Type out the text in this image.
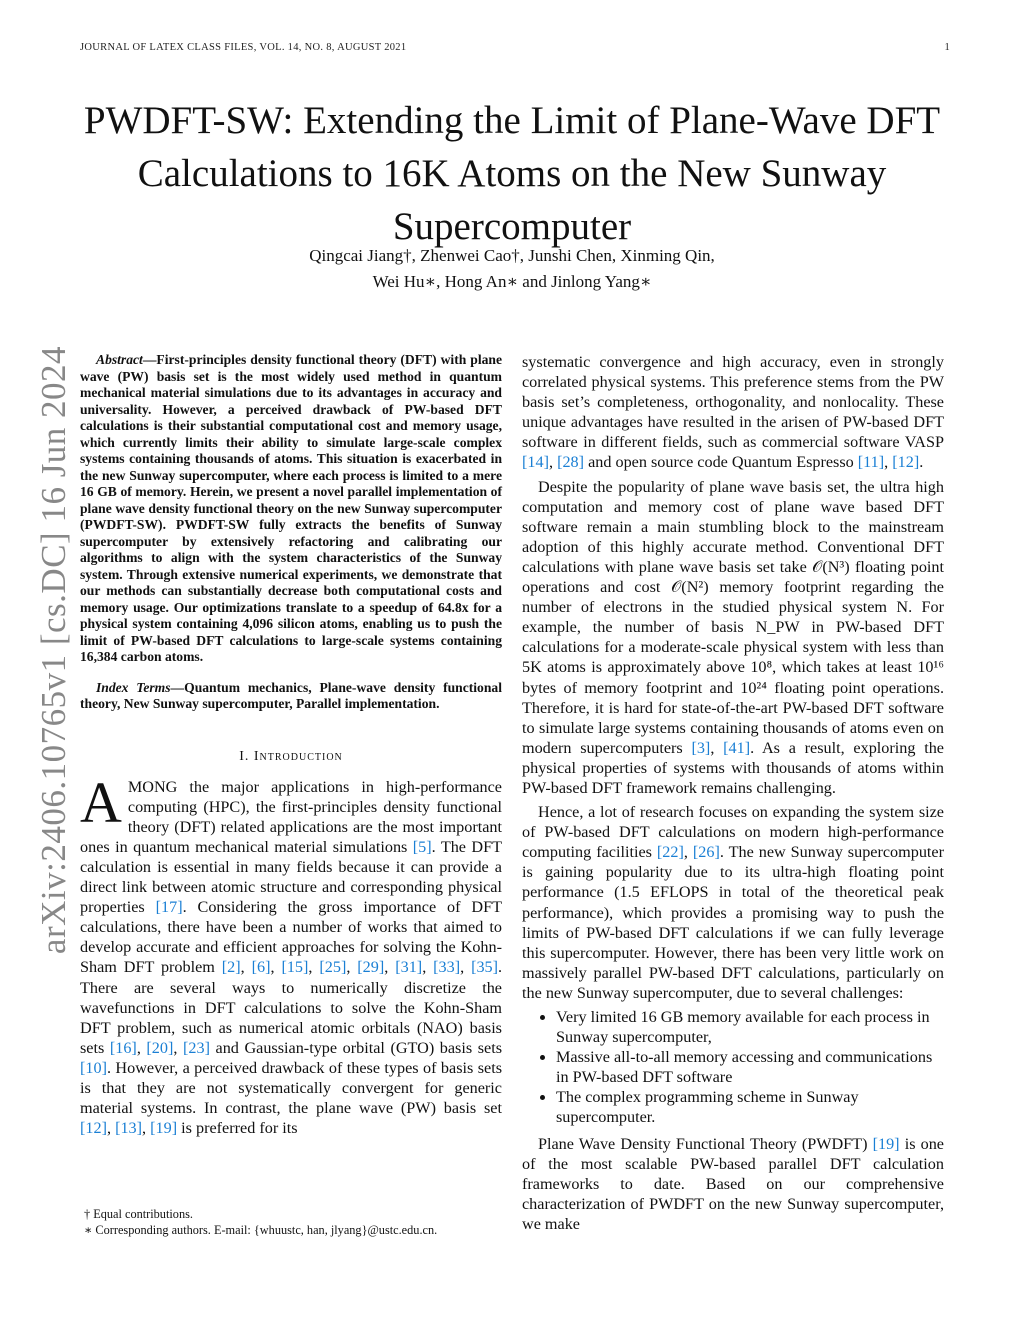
JOURNAL OF LATEX CLASS FILES, VOL. 14, NO. 8, AUGUST 2021	1
arXiv:2406.10765v1 [cs.DC] 16 Jun 2024
PWDFT-SW: Extending the Limit of Plane-Wave DFT Calculations to 16K Atoms on the New Sunway Supercomputer
Qingcai Jiang†, Zhenwei Cao†, Junshi Chen, Xinming Qin,
Wei Hu∗, Hong An∗ and Jinlong Yang∗

Abstract—First-principles density functional theory (DFT) with plane wave (PW) basis set is the most widely used method in quantum mechanical material simulations due to its advantages in accuracy and universality. However, a perceived drawback of PW-based DFT calculations is their substantial computational cost and memory usage, which currently limits their ability to simulate large-scale complex systems containing thousands of atoms. This situation is exacerbated in the new Sunway supercomputer, where each process is limited to a mere 16 GB of memory. Herein, we present a novel parallel implementation of plane wave density functional theory on the new Sunway supercomputer (PWDFT-SW). PWDFT-SW fully extracts the benefits of Sunway supercomputer by extensively refactoring and calibrating our algorithms to align with the system characteristics of the Sunway system. Through extensive numerical experiments, we demonstrate that our methods can substantially decrease both computational costs and memory usage. Our optimizations translate to a speedup of 64.8x for a physical system containing 4,096 silicon atoms, enabling us to push the limit of PW-based DFT calculations to large-scale systems containing 16,384 carbon atoms.

Index Terms—Quantum mechanics, Plane-wave density functional theory, New Sunway supercomputer, Parallel implementation.

I. Introduction

AMONG the major applications in high-performance computing (HPC), the first-principles density functional theory (DFT) related applications are the most important ones in quantum mechanical material simulations [5]. The DFT calculation is essential in many fields because it can provide a direct link between atomic structure and corresponding physical properties [17]. Considering the gross importance of DFT calculations, there have been a number of works that aimed to develop accurate and efficient approaches for solving the Kohn-Sham DFT problem [2], [6], [15], [25], [29], [31], [33], [35]. There are several ways to numerically discretize the wavefunctions in DFT calculations to solve the Kohn-Sham DFT problem, such as numerical atomic orbitals (NAO) basis sets [16], [20], [23] and Gaussian-type orbital (GTO) basis sets [10]. However, a perceived drawback of these types of basis sets is that they are not systematically convergent for generic material systems. In contrast, the plane wave (PW) basis set [12], [13], [19] is preferred for its

systematic convergence and high accuracy, even in strongly correlated physical systems. This preference stems from the PW basis set’s completeness, orthogonality, and nonlocality. These unique advantages have resulted in the arisen of PW-based DFT software in different fields, such as commercial software VASP [14], [28] and open source code Quantum Espresso [11], [12].

Despite the popularity of plane wave basis set, the ultra high computation and memory cost of plane wave based DFT software remain a main stumbling block to the mainstream adoption of this highly accurate method. Conventional DFT calculations with plane wave basis set take 𝒪(N³) floating point operations and cost 𝒪(N²) memory footprint regarding the number of electrons in the studied physical system N. For example, the number of basis N_PW in PW-based DFT calculations for a moderate-scale physical system with less than 5K atoms is approximately above 10⁸, which takes at least 10¹⁶ bytes of memory footprint and 10²⁴ floating point operations. Therefore, it is hard for state-of-the-art PW-based DFT software to simulate large systems containing thousands of atoms even on modern supercomputers [3], [41]. As a result, exploring the physical properties of systems with thousands of atoms within PW-based DFT framework remains challenging.

Hence, a lot of research focuses on expanding the system size of PW-based DFT calculations on modern high-performance computing facilities [22], [26]. The new Sunway supercomputer is gaining popularity due to its ultra-high floating point performance (1.5 EFLOPS in total of the theoretical peak performance), which provides a promising way to push the limits of PW-based DFT calculations if we can fully leverage this supercomputer. However, there has been very little work on massively parallel PW-based DFT calculations, particularly on the new Sunway supercomputer, due to several challenges:

• Very limited 16 GB memory available for each process in Sunway supercomputer,
• Massive all-to-all memory accessing and communications in PW-based DFT software
• The complex programming scheme in Sunway supercomputer.

Plane Wave Density Functional Theory (PWDFT) [19] is one of the most scalable PW-based parallel DFT calculation frameworks to date. Based on our comprehensive characterization of PWDFT on the new Sunway supercomputer, we make

† Equal contributions.
∗ Corresponding authors. E-mail: {whuustc, han, jlyang}@ustc.edu.cn.
